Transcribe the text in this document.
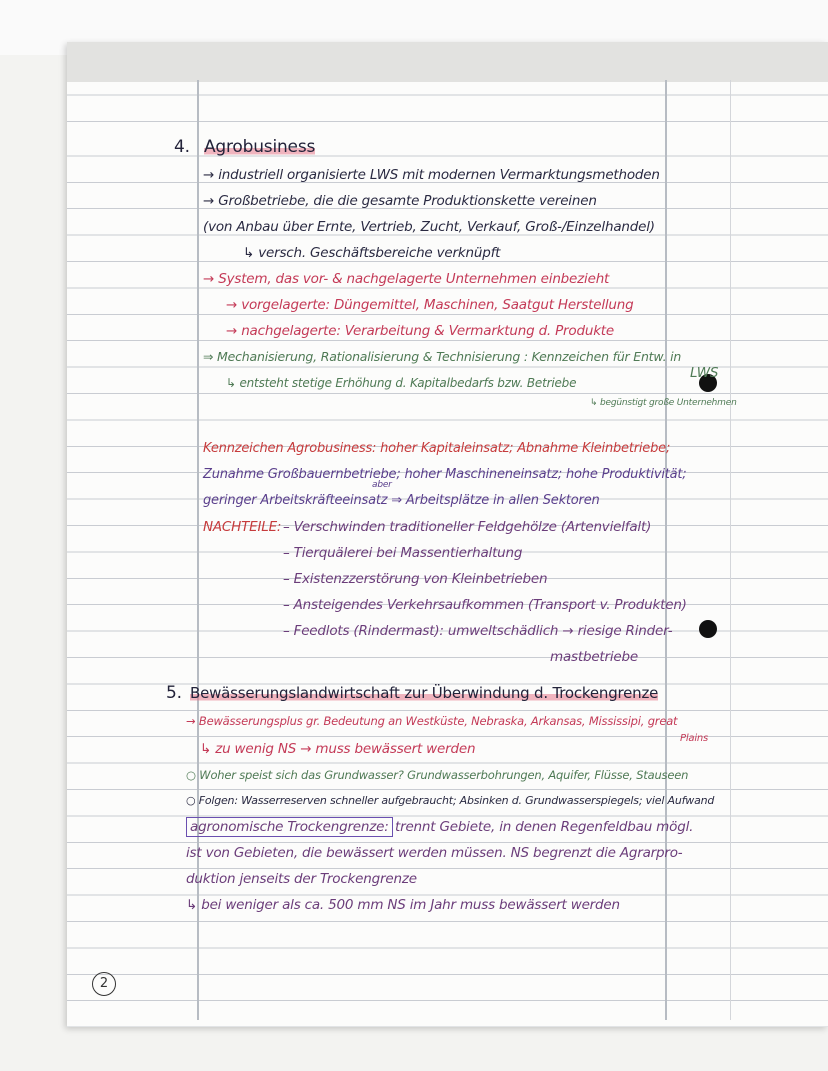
4. Agrobusiness
→ industriell organisierte LWS mit modernen Vermarktungsmethoden
→ Großbetriebe, die die gesamte Produktionskette vereinen
(von Anbau über Ernte, Vertrieb, Zucht, Verkauf, Groß-/Einzelhandel)
↳ versch. Geschäftsbereiche verknüpft
→ System, das vor- & nachgelagerte Unternehmen einbezieht
→ vorgelagerte: Düngemittel, Maschinen, Saatgut Herstellung
→ nachgelagerte: Verarbeitung & Vermarktung d. Produkte
⇒ Mechanisierung, Rationalisierung & Technisierung : Kennzeichen für Entw. in
LWS
↳ entsteht stetige Erhöhung d. Kapitalbedarfs bzw. Betriebe
↳ begünstigt große Unternehmen
Kennzeichen Agrobusiness: hoher Kapitaleinsatz; Abnahme Kleinbetriebe;
Zunahme Großbauernbetriebe; hoher Maschineneinsatz; hohe Produktivität;
geringer Arbeitskräfteeinsatz ⇒ Arbeitsplätze in allen Sektoren
aber
NACHTEILE: – Verschwinden traditioneller Feldgehölze (Artenvielfalt)
– Tierquälerei bei Massentierhaltung
– Existenzzerstörung von Kleinbetrieben
– Ansteigendes Verkehrsaufkommen (Transport v. Produkten)
– Feedlots (Rindermast): umweltschädlich → riesige Rinder-
mastbetriebe
5. Bewässerungslandwirtschaft zur Überwindung d. Trockengrenze
→ Bewässerungsplus gr. Bedeutung an Westküste, Nebraska, Arkansas, Mississipi, great
Plains
↳ zu wenig NS → muss bewässert werden
○ Woher speist sich das Grundwasser? Grundwasserbohrungen, Aquifer, Flüsse, Stauseen
○ Folgen: Wasserreserven schneller aufgebraucht; Absinken d. Grundwasserspiegels; viel Aufwand
agronomische Trockengrenze: trennt Gebiete, in denen Regenfeldbau mögl.
ist von Gebieten, die bewässert werden müssen. NS begrenzt die Agrarpro-
duktion jenseits der Trockengrenze
↳ bei weniger als ca. 500 mm NS im Jahr muss bewässert werden
2
